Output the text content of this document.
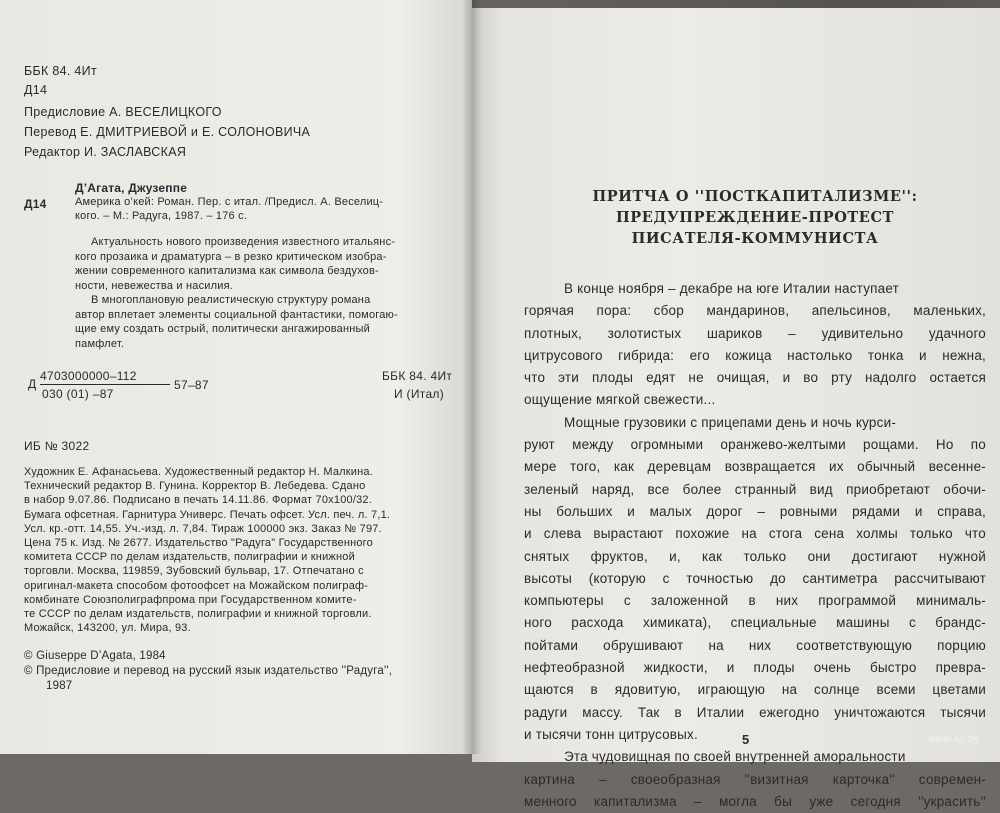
ББК 84. 4Ит
Д14
Предисловие А. ВЕСЕЛИЦКОГО
Перевод Е. ДМИТРИЕВОЙ и Е. СОЛОНОВИЧА
Редактор И. ЗАСЛАВСКАЯ
Д14
Д’Агата, Джузеппе
Америка о’кей: Роман. Пер. с итал. /Предисл. А. Веселиц-
кого. – М.: Радуга, 1987. – 176 с.
Актуальность нового произведения известного итальянс-
кого прозаика и драматурга – в резко критическом изобра-
жении современного капитализма как символа бездухов-
ности, невежества и насилия.
В многоплановую реалистическую структуру романа
автор вплетает элементы социальной фантастики, помогаю-
щие ему создать острый, политически ангажированный
памфлет.
Д
4703000000–112
030 (01) –87
57–87
ББК 84. 4Ит
И (Итал)
ИБ № 3022
Художник Е. Афанасьева. Художественный редактор Н. Малкина.
Технический редактор В. Гунина. Корректор В. Лебедева. Сдано
в набор 9.07.86. Подписано в печать 14.11.86. Формат 70х100/32.
Бумага офсетная. Гарнитура Универс. Печать офсет. Усл. печ. л. 7,1.
Усл. кр.-отт. 14,55. Уч.-изд. л. 7,84. Тираж 100000 экз. Заказ № 797.
Цена 75 к. Изд. № 2677. Издательство "Радуга" Государственного
комитета СССР по делам издательств, полиграфии и книжной
торговли. Москва, 119859, Зубовский бульвар, 17. Отпечатано с
оригинал-макета способом фотоофсет на Можайском полиграф-
комбинате Союзполиграфпрома при Государственном комите-
те СССР по делам издательств, полиграфии и книжной торговли.
Можайск, 143200, ул. Мира, 93.
© Giuseppe D’Agata, 1984
© Предисловие и перевод на русский язык издательство ''Радуга'',
1987
ПРИТЧА О ''ПОСТКАПИТАЛИЗМЕ'':
ПРЕДУПРЕЖДЕНИЕ-ПРОТЕСТ
ПИСАТЕЛЯ-КОММУНИСТА
В конце ноября – декабре на юге Италии наступает
горячая пора: сбор мандаринов, апельсинов, маленьких,
плотных, золотистых шариков – удивительно удачного
цитрусового гибрида: его кожица настолько тонка и нежна,
что эти плоды едят не очищая, и во рту надолго остается
ощущение мягкой свежести...
Мощные грузовики с прицепами день и ночь курси-
руют между огромными оранжево-желтыми рощами. Но по
мере того, как деревцам возвращается их обычный весенне-
зеленый наряд, все более странный вид приобретают обочи-
ны больших и малых дорог – ровными рядами и справа,
и слева вырастают похожие на стога сена холмы только что
снятых фруктов, и, как только они достигают нужной
высоты (которую с точностью до сантиметра рассчитывают
компьютеры с заложенной в них программой минималь-
ного расхода химиката), специальные машины с брандс-
пойтами обрушивают на них соответствующую порцию
нефтеобразной жидкости, и плоды очень быстро превра-
щаются в ядовитую, играющую на солнце всеми цветами
радуги массу. Так в Италии ежегодно уничтожаются тысячи
и тысячи тонн цитрусовых.
Эта чудовищная по своей внутренней аморальности
картина – своеобразная ''визитная карточка'' современ-
менного капитализма – могла бы уже сегодня ''украсить''
5	www.ay.by
